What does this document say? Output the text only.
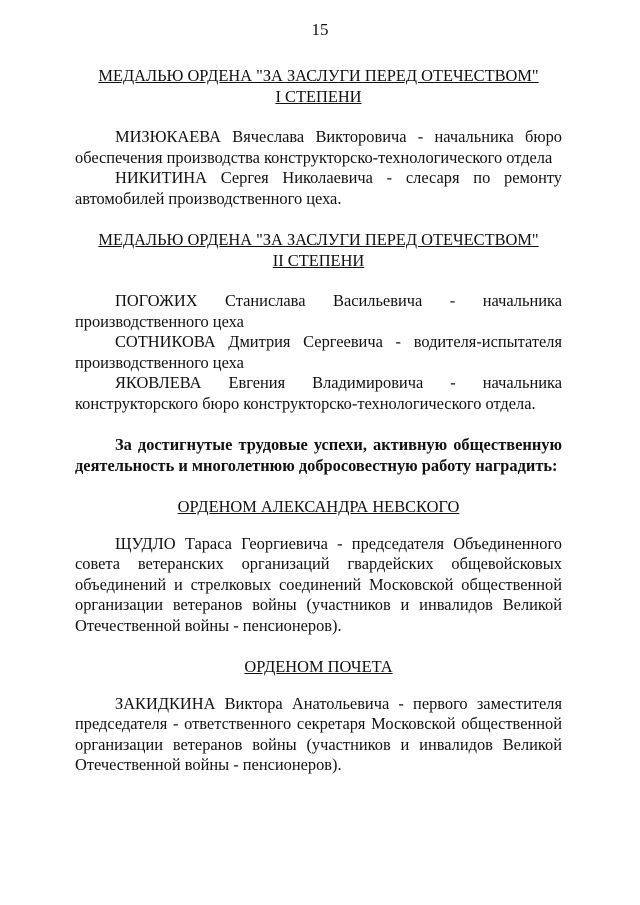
15

МЕДАЛЬЮ ОРДЕНА "ЗА ЗАСЛУГИ ПЕРЕД ОТЕЧЕСТВОМ"

I СТЕПЕНИ

МИЗЮКАЕВА Вячеслава Викторовича - начальника бюро обеспечения производства конструкторско-технологического отдела

НИКИТИНА Сергея Николаевича - слесаря по ремонту автомобилей производственного цеха.

МЕДАЛЬЮ ОРДЕНА "ЗА ЗАСЛУГИ ПЕРЕД ОТЕЧЕСТВОМ"

II СТЕПЕНИ

ПОГОЖИХ Станислава Васильевича - начальника производственного цеха

СОТНИКОВА Дмитрия Сергеевича - водителя-испытателя производственного цеха

ЯКОВЛЕВА Евгения Владимировича - начальника конструкторского бюро конструкторско-технологического отдела.

За достигнутые трудовые успехи, активную общественную деятельность и многолетнюю добросовестную работу наградить:

ОРДЕНОМ АЛЕКСАНДРА НЕВСКОГО

ЩУДЛО Тараса Георгиевича - председателя Объединенного совета ветеранских организаций гвардейских общевойсковых объединений и стрелковых соединений Московской общественной организации ветеранов войны (участников и инвалидов Великой Отечественной войны - пенсионеров).

ОРДЕНОМ ПОЧЕТА

ЗАКИДКИНА Виктора Анатольевича - первого заместителя председателя - ответственного секретаря Московской общественной организации ветеранов войны (участников и инвалидов Великой Отечественной войны - пенсионеров).
